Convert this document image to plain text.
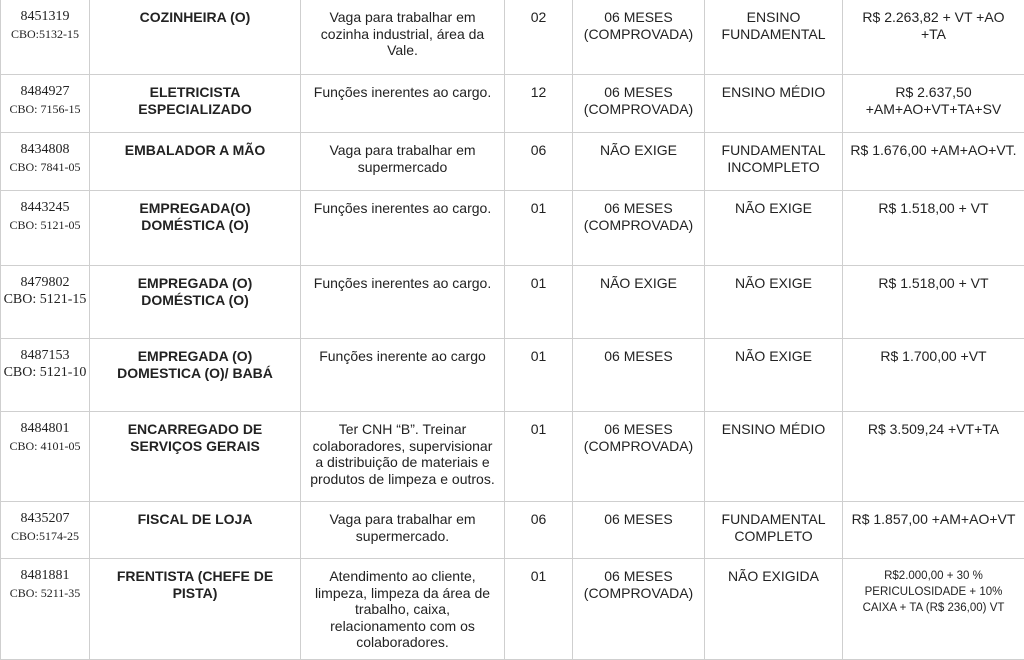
8451319
CBO:5132-15	COZINHEIRA (O)	Vaga para trabalhar em cozinha industrial, área da Vale.	02	06 MESES (COMPROVADA)	ENSINO FUNDAMENTAL	R$ 2.263,82 + VT +AO +TA

8484927
CBO: 7156-15	ELETRICISTA ESPECIALIZADO	Funções inerentes ao cargo.	12	06 MESES (COMPROVADA)	ENSINO MÉDIO	R$ 2.637,50 +AM+AO+VT+TA+SV

8434808
CBO: 7841-05	EMBALADOR A MÃO	Vaga para trabalhar em supermercado	06	NÃO EXIGE	FUNDAMENTAL INCOMPLETO	R$ 1.676,00 +AM+AO+VT.

8443245
CBO: 5121-05	EMPREGADA(O) DOMÉSTICA (O)	Funções inerentes ao cargo.	01	06 MESES (COMPROVADA)	NÃO EXIGE	R$ 1.518,00 + VT

8479802
CBO: 5121-15	EMPREGADA (O) DOMÉSTICA (O)	Funções inerentes ao cargo.	01	NÃO EXIGE	NÃO EXIGE	R$ 1.518,00 + VT

8487153
CBO: 5121-10	EMPREGADA (O) DOMESTICA (O)/ BABÁ	Funções inerente ao cargo	01	06 MESES	NÃO EXIGE	R$ 1.700,00 +VT

8484801
CBO: 4101-05	ENCARREGADO DE SERVIÇOS GERAIS	Ter CNH “B”. Treinar colaboradores, supervisionar a distribuição de materiais e produtos de limpeza e outros.	01	06 MESES (COMPROVADA)	ENSINO MÉDIO	R$ 3.509,24 +VT+TA

8435207
CBO:5174-25	FISCAL DE LOJA	Vaga para trabalhar em supermercado.	06	06 MESES	FUNDAMENTAL COMPLETO	R$ 1.857,00 +AM+AO+VT

8481881
CBO: 5211-35	FRENTISTA (CHEFE DE PISTA)	Atendimento ao cliente, limpeza, limpeza da área de trabalho, caixa, relacionamento com os colaboradores.	01	06 MESES (COMPROVADA)	NÃO EXIGIDA	R$2.000,00 + 30 % PERICULOSIDADE + 10% CAIXA + TA (R$ 236,00) VT
